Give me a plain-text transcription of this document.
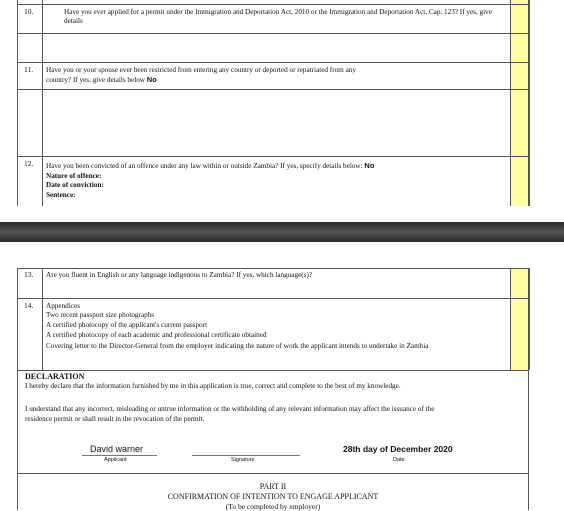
10.	Have you ever applied for a permit under the Immigration and Deportation Act, 2010 or the Immigration and Deportation Act, Cap. 123? If yes, give details
11. Have you or your spouse ever been restricted from entering any country or deported or repatriated from any
country? If yes, give details below No
12. Have you been convicted of an offence under any law within or outside Zambia? If yes, specify details below: No
Nature of offence:
Date of conviction:
Sentence:
13. Are you fluent in English or any language indigenous to Zambia? If yes, which language(s)?
14. Appendices
Two recent passport size photographs
A certified photocopy of the applicant's current passport
A certified photocopy of each academic and professional certificate obtained
Covering letter to the Director-General from the employer indicating the nature of work the applicant intends to undertake in Zambia
DECLARATION
I hereby declare that the information furnished by me in this application is true, correct and complete to the best of my knowledge.
I understand that any incorrect, misleading or untrue information or the withholding of any relevant information may affect the issuance of the
residence permit or shall result in the revocation of the permit.
David warner
Applicant	Signature
28th day of December 2020
Date
PART II
CONFIRMATION OF INTENTION TO ENGAGE APPLICANT
(To be completed by employer)
